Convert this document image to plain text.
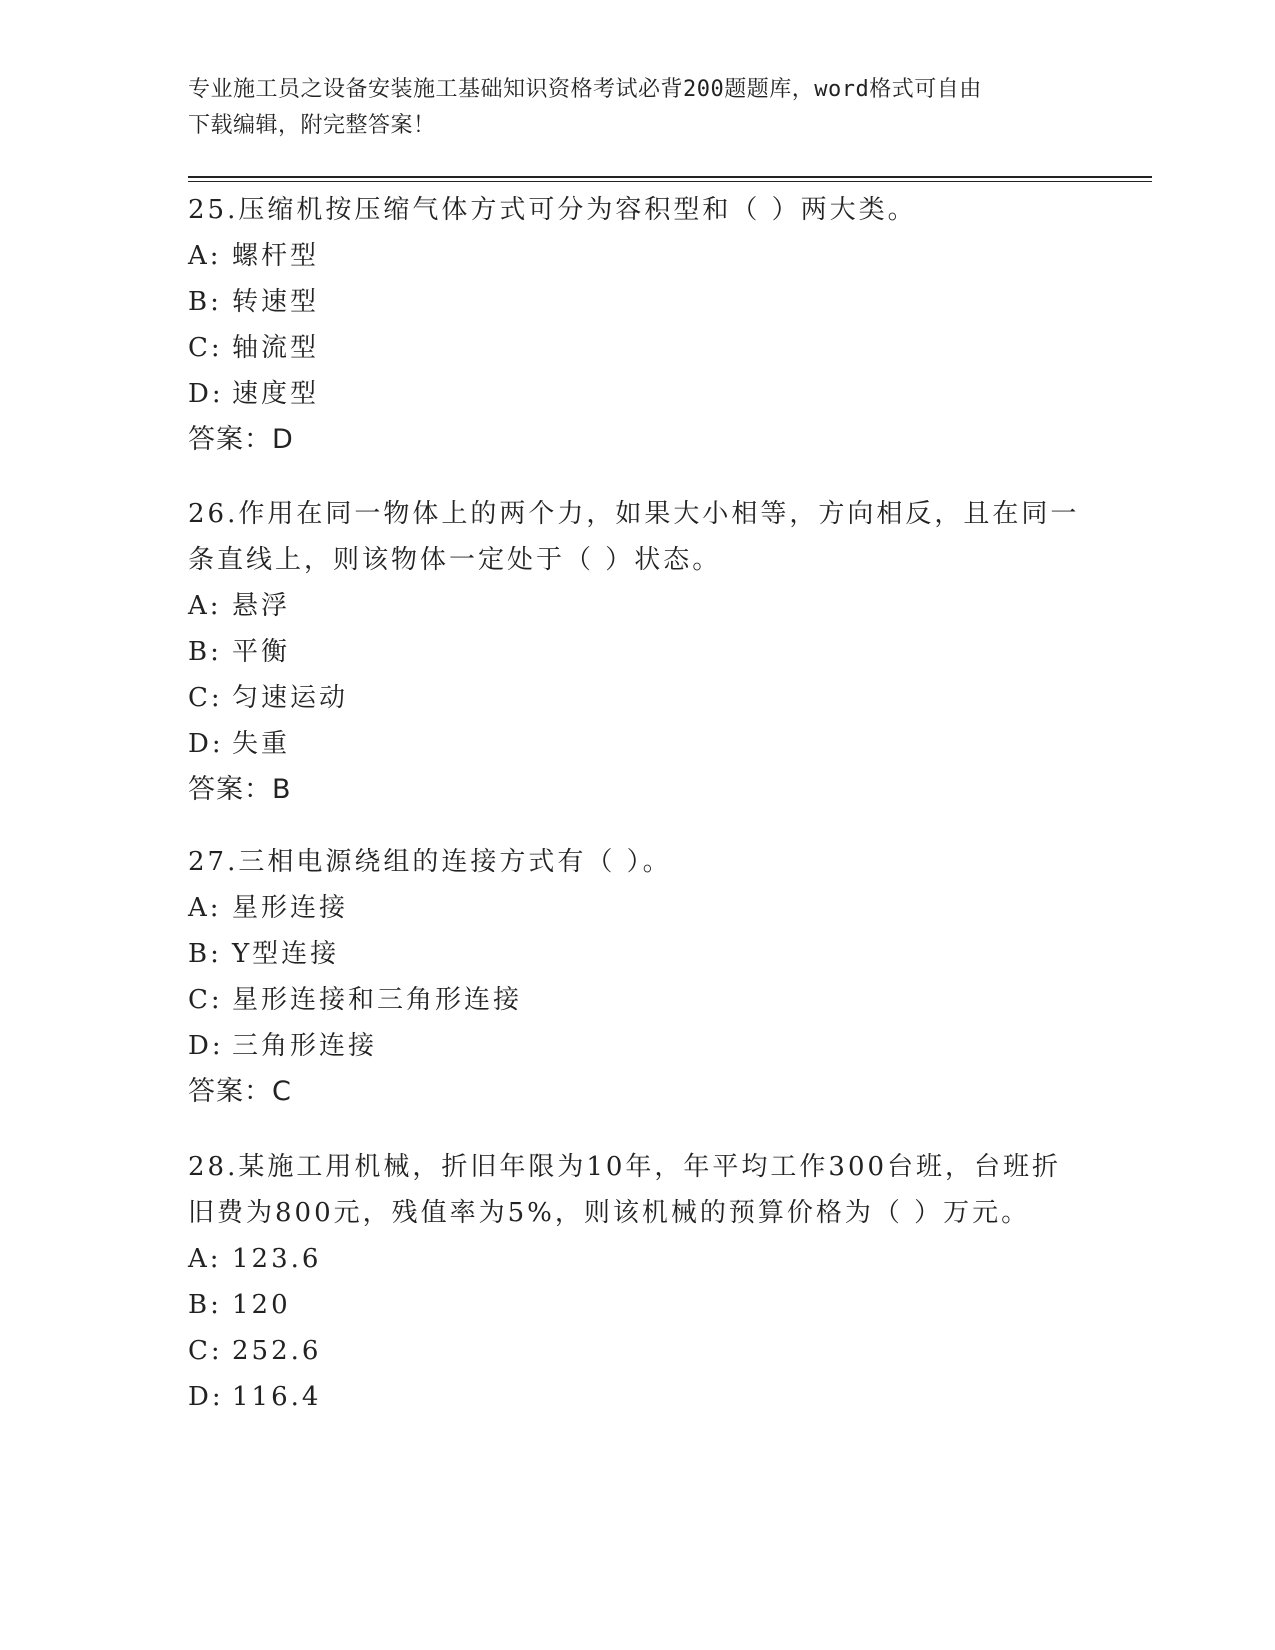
专业施工员之设备安装施工基础知识资格考试必背200题题库，word格式可自由
下载编辑，附完整答案！
25.压缩机按压缩气体方式可分为容积型和（ ）两大类。
A: 螺杆型
B: 转速型
C: 轴流型
D: 速度型
答案：D
26.作用在同一物体上的两个力，如果大小相等，方向相反，且在同一
条直线上，则该物体一定处于（ ）状态。
A: 悬浮
B: 平衡
C: 匀速运动
D: 失重
答案：B
27.三相电源绕组的连接方式有（ ）。
A: 星形连接
B: Y型连接
C: 星形连接和三角形连接
D: 三角形连接
答案：C
28.某施工用机械，折旧年限为10年，年平均工作300台班，台班折
旧费为800元，残值率为5%，则该机械的预算价格为（ ）万元。
A: 123.6
B: 120
C: 252.6
D: 116.4
